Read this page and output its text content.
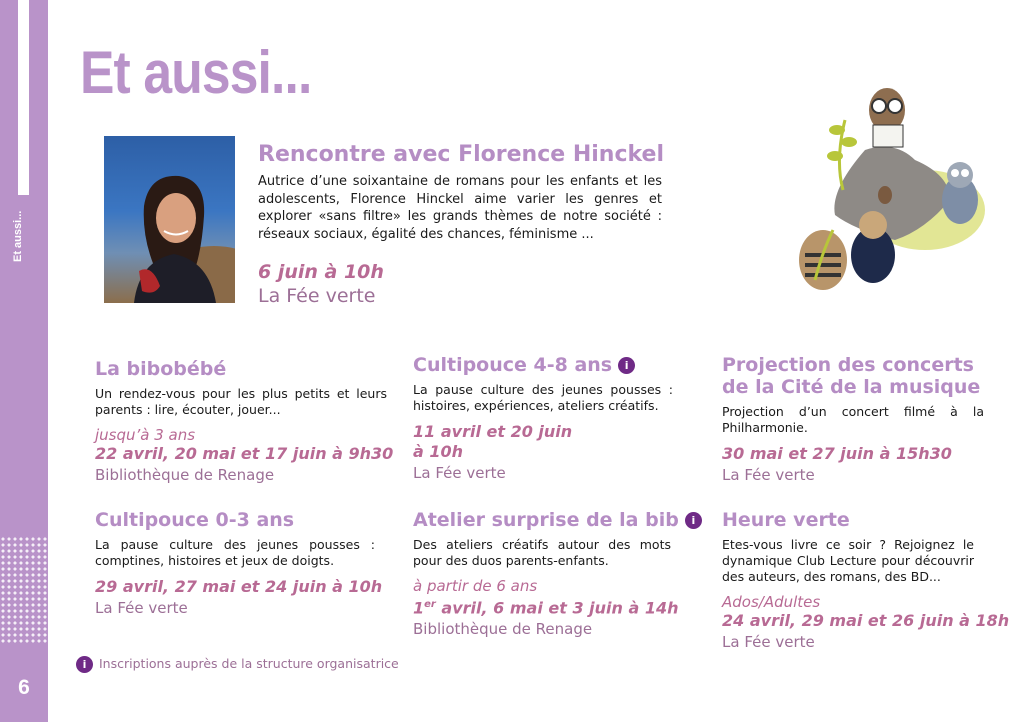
Et aussi...
6
Et aussi...
Rencontre avec Florence Hinckel

Autrice d’une soixantaine de romans pour les enfants et les adolescents, Florence Hinckel aime varier les genres et explorer «sans filtre» les grands thèmes de notre société : réseaux sociaux, égalité des chances, féminisme ...

6 juin à 10h
La Fée verte
La bibobébé

Un rendez-vous pour les plus petits et leurs parents : lire, écouter, jouer...

jusqu’à 3 ans
22 avril, 20 mai et 17 juin à 9h30
Bibliothèque de Renage
Cultipouce 0-3 ans

La pause culture des jeunes pousses : comptines, histoires et jeux de doigts.

29 avril, 27 mai et 24 juin à 10h
La Fée verte
Cultipouce 4-8 ans i

La pause culture des jeunes pousses : histoires, expériences, ateliers créatifs.

11 avril et 20 juin
à 10h
La Fée verte
Atelier surprise de la bib i

Des ateliers créatifs autour des mots pour des duos parents-enfants.

à partir de 6 ans
1er avril, 6 mai et 3 juin à 14h
Bibliothèque de Renage
Projection des concerts
de la Cité de la musique

Projection d’un concert filmé à la Philharmonie.

30 mai et 27 juin à 15h30
La Fée verte
Heure verte

Etes-vous livre ce soir ? Rejoignez le dynamique Club Lecture pour découvrir des auteurs, des romans, des BD...

Ados/Adultes
24 avril, 29 mai et 26 juin à 18h
La Fée verte
i Inscriptions auprès de la structure organisatrice
